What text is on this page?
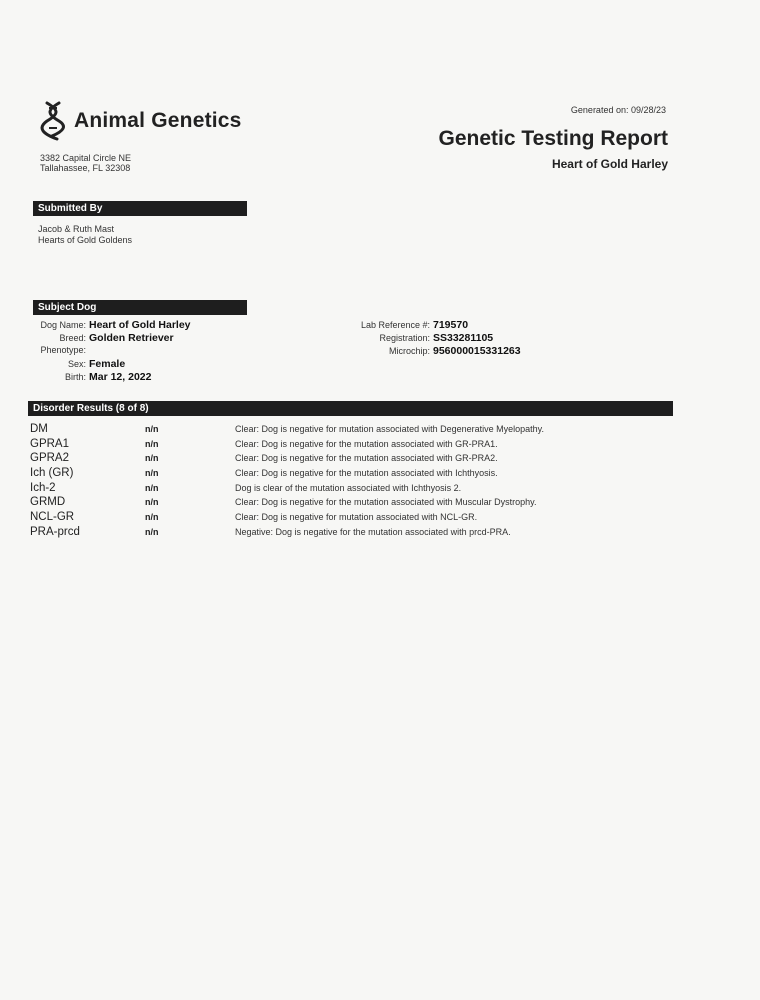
Animal Genetics
3382 Capital Circle NE
Tallahassee, FL 32308
Generated on: 09/28/23
Genetic Testing Report
Heart of Gold Harley
Submitted By
Jacob & Ruth Mast
Hearts of Gold Goldens
Subject Dog
Dog Name: Heart of Gold Harley
Breed: Golden Retriever
Phenotype:
Sex: Female
Birth: Mar 12, 2022
Lab Reference #: 719570
Registration: SS33281105
Microchip: 956000015331263
Disorder Results (8 of 8)
DM	n/n	Clear: Dog is negative for mutation associated with Degenerative Myelopathy.
GPRA1	n/n	Clear: Dog is negative for the mutation associated with GR-PRA1.
GPRA2	n/n	Clear: Dog is negative for the mutation associated with GR-PRA2.
Ich (GR)	n/n	Clear: Dog is negative for the mutation associated with Ichthyosis.
Ich-2	n/n	Dog is clear of the mutation associated with Ichthyosis 2.
GRMD	n/n	Clear: Dog is negative for the mutation associated with Muscular Dystrophy.
NCL-GR	n/n	Clear: Dog is negative for mutation associated with NCL-GR.
PRA-prcd	n/n	Negative: Dog is negative for the mutation associated with prcd-PRA.
